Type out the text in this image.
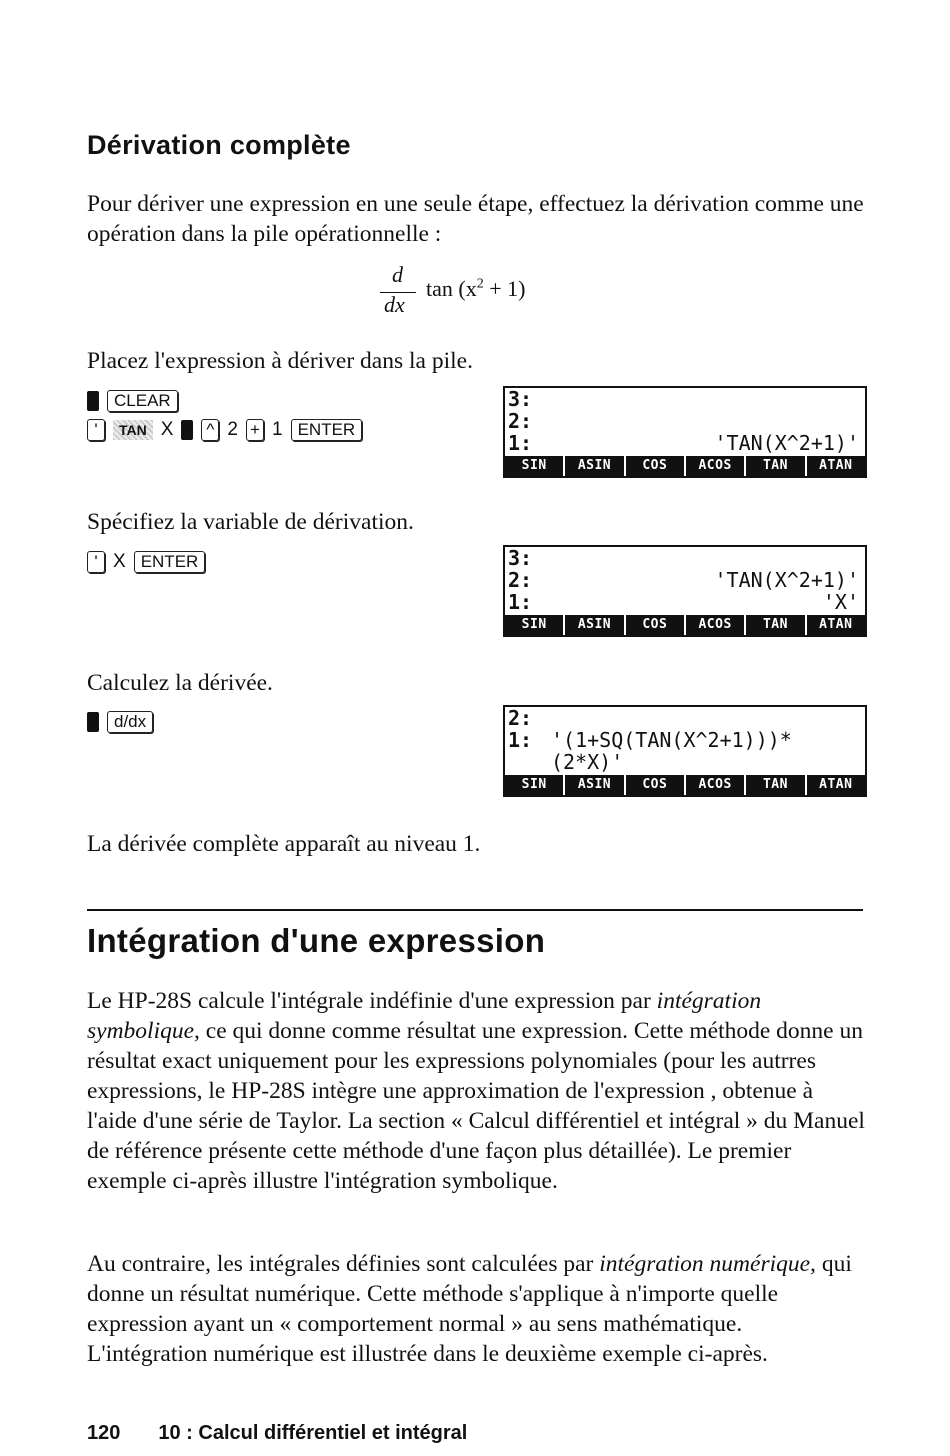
Dérivation complète

Pour dériver une expression en une seule étape, effectuez la dérivation comme une opération dans la pile opérationnelle :

d
dx
$\tan (x^2 + 1)$

Placez l'expression à dériver dans la pile.

CLEAR
'	TAN X ^ 2 + 1 ENTER
3:
2:
1:	'TAN(X^2+1)'
SIN	ASIN	COS	ACOS	TAN	ATAN

Spécifiez la variable de dérivation.

' X ENTER	3:
2:	'TAN(X^2+1)'
1:	'X'
SIN	ASIN	COS	ACOS	TAN	ATAN

Calculez la dérivée.

d/dx	2:
1: '(1+SQ(TAN(X^2+1)))*
(2*X)'
SIN	ASIN	COS	ACOS	TAN	ATAN

La dérivée complète apparaît au niveau 1.

Intégration d'une expression

Le HP-28S calcule l'intégrale indéfinie d'une expression par intégration symbolique, ce qui donne comme résultat une expression. Cette méthode donne un résultat exact uniquement pour les expressions polynomiales (pour les autrres expressions, le HP-28S intègre une approximation de l'expression , obtenue à l'aide d'une série de Taylor. La section « Calcul différentiel et intégral » du Manuel de référence présente cette méthode d'une façon plus détaillée). Le premier exemple ci-après illustre l'intégration symbolique.

Au contraire, les intégrales définies sont calculées par intégration numérique, qui donne un résultat numérique. Cette méthode s'applique à n'importe quelle expression ayant un « comportement normal » au sens mathématique. L'intégration numérique est illustrée dans le deuxième exemple ci-après.

120 10 : Calcul différentiel et intégral
